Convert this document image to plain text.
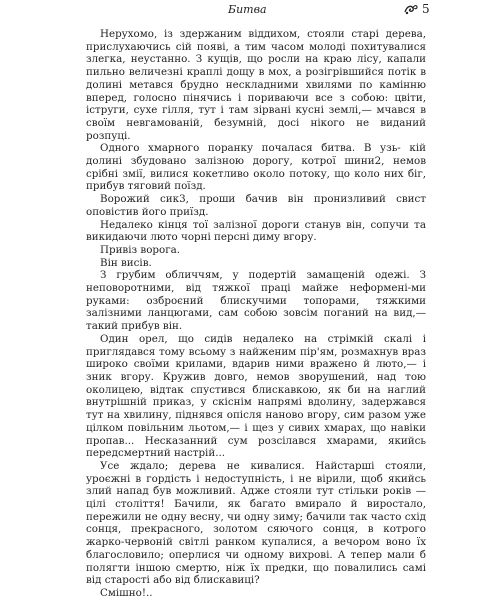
Битва	5

Нерухомо, із здержаним віддихом, стояли старі дерева, прислухаючись сій появі, а тим часом молоді похитувалися злегка, неустанно. З кущів, що росли на краю лісу, капали пильно величезні краплі дощу в мох, а розігрівшийся потік в долині метався брудно нескладними хвилями по камінню вперед, голосно пінячись і пориваючи все з собою: цвіти, іструги, сухе гілля, тут і там зірвані кусні землі,— мчався в своїм невгамованій, безумній, досі нікого не виданий розпуці.

Одного хмарного поранку почалася битва. В узь- кій долині збудовано залізною дорогу, котрої шини2, немов срібні змії, вилися кокетливо около потоку, що коло них біг, прибув тяговий поїзд.

Ворожий сик3, проши бачив він пронизливий свист оповістив його приїзд.

Недалеко кінця тої залізної дороги станув він, сопучи та викидаючи люто чорні персні диму вгору.

Привіз ворога.

Він висів.

З грубим обличчям, у подертій замащеній одежі. З неповоротними, від тяжкої праці майже неформені-ми руками: озброєний блискучими топорами, тяжкими залізними ланцюгами, сам собою зовсім поганий на вид,— такий прибув він.

Один орел, що сидів недалеко на стрімкій скалі і приглядався тому всьому з найженим пір'ям, розмахнув враз широко своїми крилами, вдарив ними вражено й люто,— і зник вгору. Кружив довго, немов зворушений, над тою околицею, відтак спустився блискавкою, як би на наглий внутрішній приказ, у скіснім напрямі вдолину, задержався тут на хвилину, піднявся опісля наново вгору, сим разом уже цілком повільним льотом,— і щез у сивих хмарах, що навіки пропав... Несказанний сум розсілався хмарами, якийсь передсмертний настрій...

Усе ждало; дерева не кивалися. Найстарші стояли, уроєжні в гордість і недоступність, і не вірили, щоб якийсь злий напад був можливий. Адже стояли тут стільки років — цілі століття! Бачили, як багато вмирало й виростало, пережили не одну весну, чи одну зиму; бачили так часто схід сонця, прекрасного, золотом сяючого сонця, в котрого жарко-червоній світлі ранком купалися, а вечором воно їх благословило; оперлися чи одному вихрові. А тепер мали б полягти іншою смертю, ніж їх предки, що повалились самі від старості або від блискавиці?

Смішно!..
